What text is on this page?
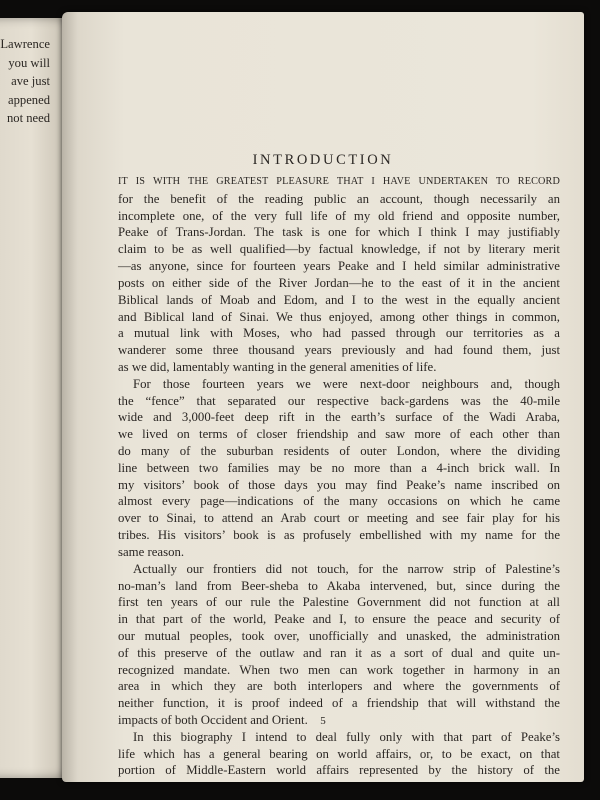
Lawrence
you will
ave just
appened
not need
INTRODUCTION
IT IS WITH THE GREATEST PLEASURE THAT I HAVE UNDERTAKEN TO RECORD
for the benefit of the reading public an account, though necessarily an
incomplete one, of the very full life of my old friend and opposite number,
Peake of Trans-Jordan. The task is one for which I think I may justifiably
claim to be as well qualified—by factual knowledge, if not by literary merit
—as anyone, since for fourteen years Peake and I held similar administrative
posts on either side of the River Jordan—he to the east of it in the ancient
Biblical lands of Moab and Edom, and I to the west in the equally ancient
and Biblical land of Sinai. We thus enjoyed, among other things in common,
a mutual link with Moses, who had passed through our territories as a
wanderer some three thousand years previously and had found them, just
as we did, lamentably wanting in the general amenities of life.
For those fourteen years we were next-door neighbours and, though
the “fence” that separated our respective back-gardens was the 40-mile
wide and 3,000-feet deep rift in the earth’s surface of the Wadi Araba,
we lived on terms of closer friendship and saw more of each other than
do many of the suburban residents of outer London, where the dividing
line between two families may be no more than a 4-inch brick wall. In
my visitors’ book of those days you may find Peake’s name inscribed on
almost every page—indications of the many occasions on which he came
over to Sinai, to attend an Arab court or meeting and see fair play for his
tribes. His visitors’ book is as profusely embellished with my name for the
same reason.
Actually our frontiers did not touch, for the narrow strip of Palestine’s
no-man’s land from Beer-sheba to Akaba intervened, but, since during the
first ten years of our rule the Palestine Government did not function at all
in that part of the world, Peake and I, to ensure the peace and security of
our mutual peoples, took over, unofficially and unasked, the administration
of this preserve of the outlaw and ran it as a sort of dual and quite un-
recognized mandate. When two men can work together in harmony in an
area in which they are both interlopers and where the governments of
neither function, it is proof indeed of a friendship that will withstand the
impacts of both Occident and Orient.
In this biography I intend to deal fully only with that part of Peake’s
life which has a general bearing on world affairs, or, to be exact, on that
portion of Middle-Eastern world affairs represented by the history of the
5
